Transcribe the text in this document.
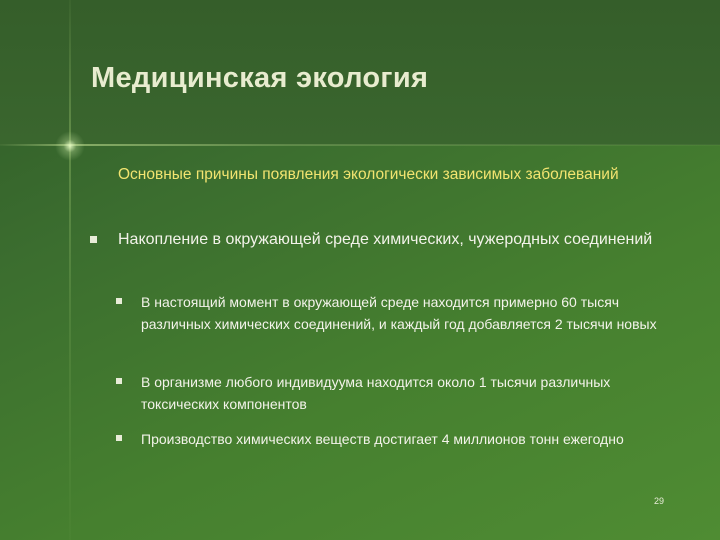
Медицинская экология
Основные причины появления экологически зависимых заболеваний
Накопление в окружающей среде химических, чужеродных соединений
В настоящий момент в окружающей среде находится примерно 60 тысяч различных химических соединений, и каждый год добавляется 2 тысячи новых
В организме любого индивидуума находится около 1 тысячи различных токсических компонентов
Производство химических веществ достигает 4 миллионов тонн ежегодно
29
